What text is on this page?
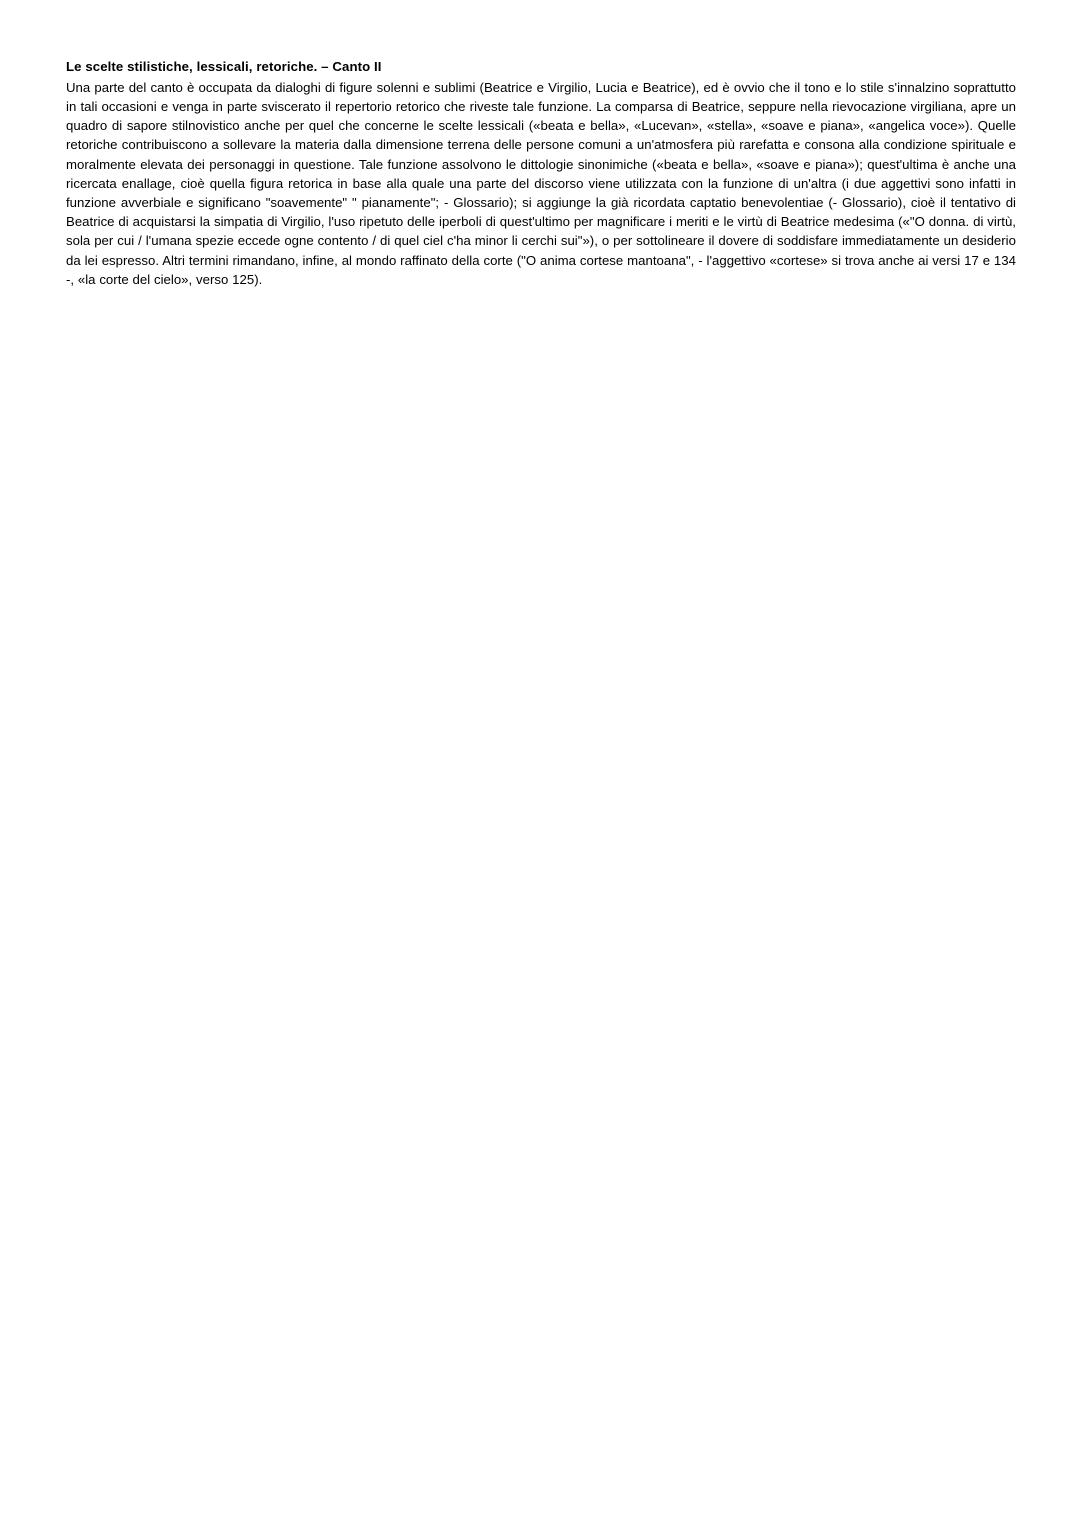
Le scelte stilistiche, lessicali, retoriche. – Canto II

Una parte del canto è occupata da dialoghi di figure solenni e sublimi (Beatrice e Virgilio, Lucia e Beatrice), ed è ovvio che il tono e lo stile s'innalzino soprattutto in tali occasioni e venga in parte sviscerato il repertorio retorico che riveste tale funzione. La comparsa di Beatrice, seppure nella rievocazione virgiliana, apre un quadro di sapore stilnovistico anche per quel che concerne le scelte lessicali («beata e bella», «Lucevan», «stella», «soave e piana», «angelica voce»). Quelle retoriche contribuiscono a sollevare la materia dalla dimensione terrena delle persone comuni a un'atmosfera più rarefatta e consona alla condizione spirituale e moralmente elevata dei personaggi in questione. Tale funzione assolvono le dittologie sinonimiche («beata e bella», «soave e piana»); quest'ultima è anche una ricercata enallage, cioè quella figura retorica in base alla quale una parte del discorso viene utilizzata con la funzione di un'altra (i due aggettivi sono infatti in funzione avverbiale e significano "soavemente" " pianamente"; - Glossario); si aggiunge la già ricordata captatio benevolentiae (- Glossario), cioè il tentativo di Beatrice di acquistarsi la simpatia di Virgilio, l'uso ripetuto delle iperboli di quest'ultimo per magnificare i meriti e le virtù di Beatrice medesima («"O donna. di virtù, sola per cui / l'umana spezie eccede ogne contento / di quel ciel c'ha minor li cerchi sui"»), o per sottolineare il dovere di soddisfare immediatamente un desiderio da lei espresso. Altri termini rimandano, infine, al mondo raffinato della corte ("O anima cortese mantoana", - l'aggettivo «cortese» si trova anche ai versi 17 e 134 -, «la corte del cielo», verso 125).
